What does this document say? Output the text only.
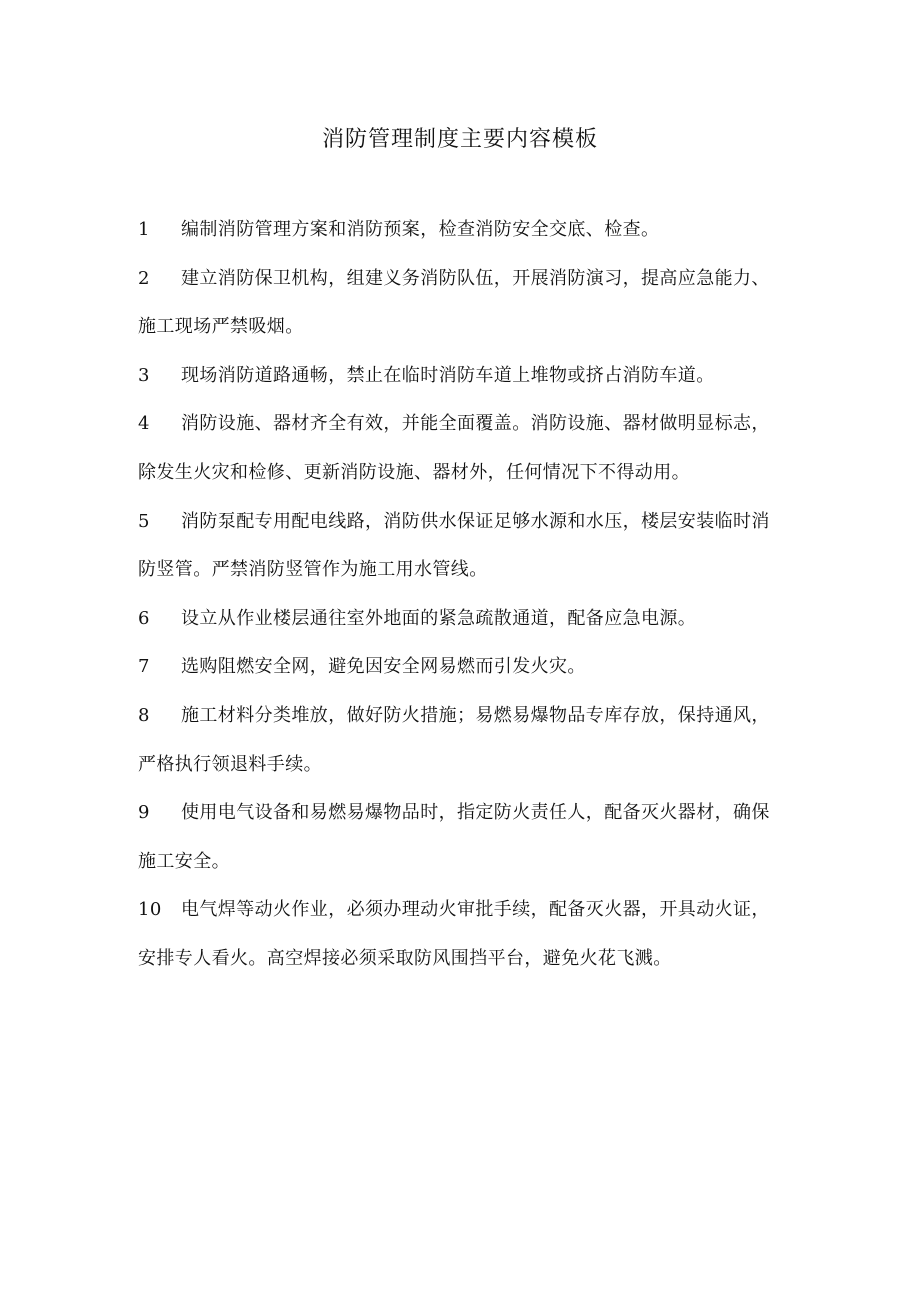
消防管理制度主要内容模板
1 编制消防管理方案和消防预案，检查消防安全交底、检查。
2 建立消防保卫机构，组建义务消防队伍，开展消防演习，提高应急能力、
施工现场严禁吸烟。
3 现场消防道路通畅，禁止在临时消防车道上堆物或挤占消防车道。
4 消防设施、器材齐全有效，并能全面覆盖。消防设施、器材做明显标志，
除发生火灾和检修、更新消防设施、器材外，任何情况下不得动用。
5 消防泵配专用配电线路，消防供水保证足够水源和水压，楼层安装临时消
防竖管。严禁消防竖管作为施工用水管线。
6 设立从作业楼层通往室外地面的紧急疏散通道，配备应急电源。
7 选购阻燃安全网，避免因安全网易燃而引发火灾。
8 施工材料分类堆放，做好防火措施；易燃易爆物品专库存放，保持通风，
严格执行领退料手续。
9 使用电气设备和易燃易爆物品时，指定防火责任人，配备灭火器材，确保
施工安全。
10 电气焊等动火作业，必须办理动火审批手续，配备灭火器，开具动火证，
安排专人看火。高空焊接必须采取防风围挡平台，避免火花飞溅。
